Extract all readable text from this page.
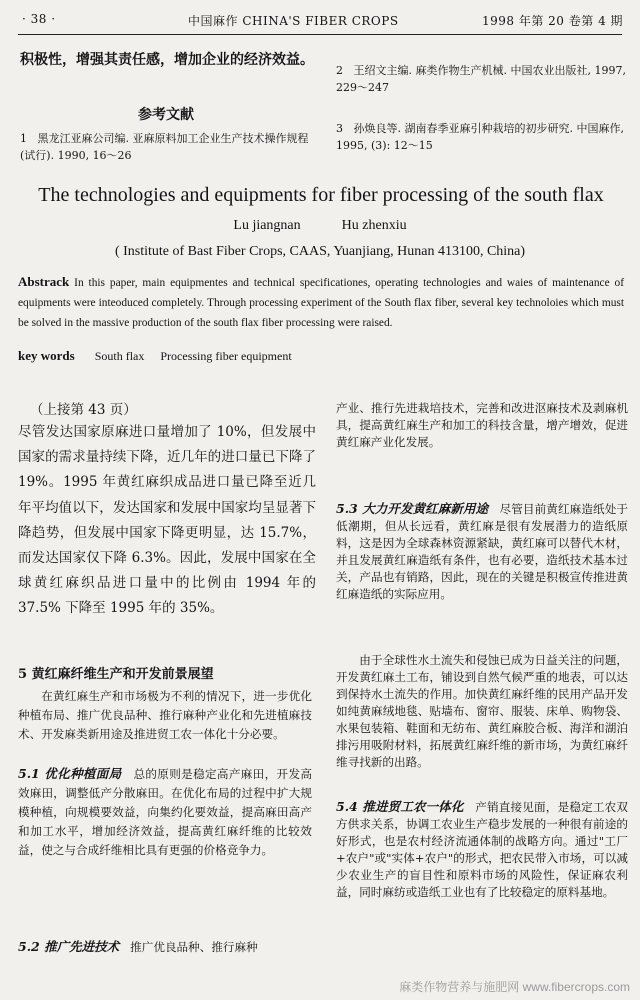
· 38 ·	中国麻作 CHINA'S FIBER CROPS	1998 年第 20 卷第 4 期
积极性，增强其责任感，增加企业的经济效益。
参考文献
1 黑龙江亚麻公司编. 亚麻原料加工企业生产技术操作规程(试行). 1990, 16～26
2 王绍文主编. 麻类作物生产机械. 中国农业出版社, 1997, 229～247
3 孙焕良等. 湖南春季亚麻引种栽培的初步研究. 中国麻作, 1995, (3): 12～15
The technologies and equipments for fiber processing of the south flax
Lu jiangnan	Hu zhenxiu
( Institute of Bast Fiber Crops, CAAS, Yuanjiang, Hunan 413100, China)
Abstrack In this paper, main equipmentes and technical specificationes, operating technologies and waies of maintenance of equipments were inteoduced completely. Through processing experiment of the South flax fiber, several key technoloies which must be solved in the massive production of the south flax fiber processing were raised.
key words South flax Processing fiber equipment
（上接第 43 页）
尽管发达国家原麻进口量增加了 10%，但发展中国家的需求量持续下降，近几年的进口量已下降了 19%。1995 年黄红麻织成品进口量已降至近几年平均值以下，发达国家和发展中国家均呈显著下降趋势，但发展中国家下降更明显，达 15.7%，而发达国家仅下降 6.3%。因此，发展中国家在全球黄红麻织品进口量中的比例由 1994 年的 37.5% 下降至 1995 年的 35%。
5 黄红麻纤维生产和开发前景展望
在黄红麻生产和市场极为不利的情况下，进一步优化种植布局、推广优良品种、推行麻种产业化和先进植麻技术、开发麻类新用途及推进贸工农一体化十分必要。
5.1 优化种植面局 总的原则是稳定高产麻田，开发高效麻田，调整低产分散麻田。在优化布局的过程中扩大规模种植，向规模要效益，向集约化要效益，提高麻田高产和加工水平，增加经济效益，提高黄红麻纤维的比较效益，使之与合成纤维相比具有更强的价格竞争力。
5.2 推广先进技术 推广优良品种、推行麻种
产业、推行先进栽培技术，完善和改进沤麻技术及剥麻机具，提高黄红麻生产和加工的科技含量，增产增效，促进黄红麻产业化发展。
5.3 大力开发黄红麻新用途 尽管目前黄红麻造纸处于低潮期，但从长远看，黄红麻是很有发展潜力的造纸原料，这是因为全球森林资源紧缺，黄红麻可以替代木材，并且发展黄红麻造纸有条件，也有必要，造纸技术基本过关，产品也有销路，因此，现在的关键是积极宣传推进黄红麻造纸的实际应用。
由于全球性水土流失和侵蚀已成为日益关注的问题，开发黄红麻土工布，铺设到自然气候严重的地表，可以达到保持水土流失的作用。加快黄红麻纤维的民用产品开发如纯黄麻绒地毯、贴墙布、窗帘、服装、床单、购物袋、水果包装箱、鞋面和无纺布、黄红麻胶合板、海洋和湖泊排污用吸附材料，拓展黄红麻纤维的新市场，为黄红麻纤维寻找新的出路。
5.4 推进贸工农一体化 产销直接见面，是稳定工农双方供求关系，协调工农业生产稳步发展的一种很有前途的好形式，也是农村经济流通体制的战略方向。通过"工厂+农户"或"实体+农户"的形式，把农民带入市场，可以减少农业生产的盲目性和原料市场的风险性，保证麻农利益，同时麻纺或造纸工业也有了比较稳定的原料基地。
麻类作物营养与施肥网 www.fibercrops.com
